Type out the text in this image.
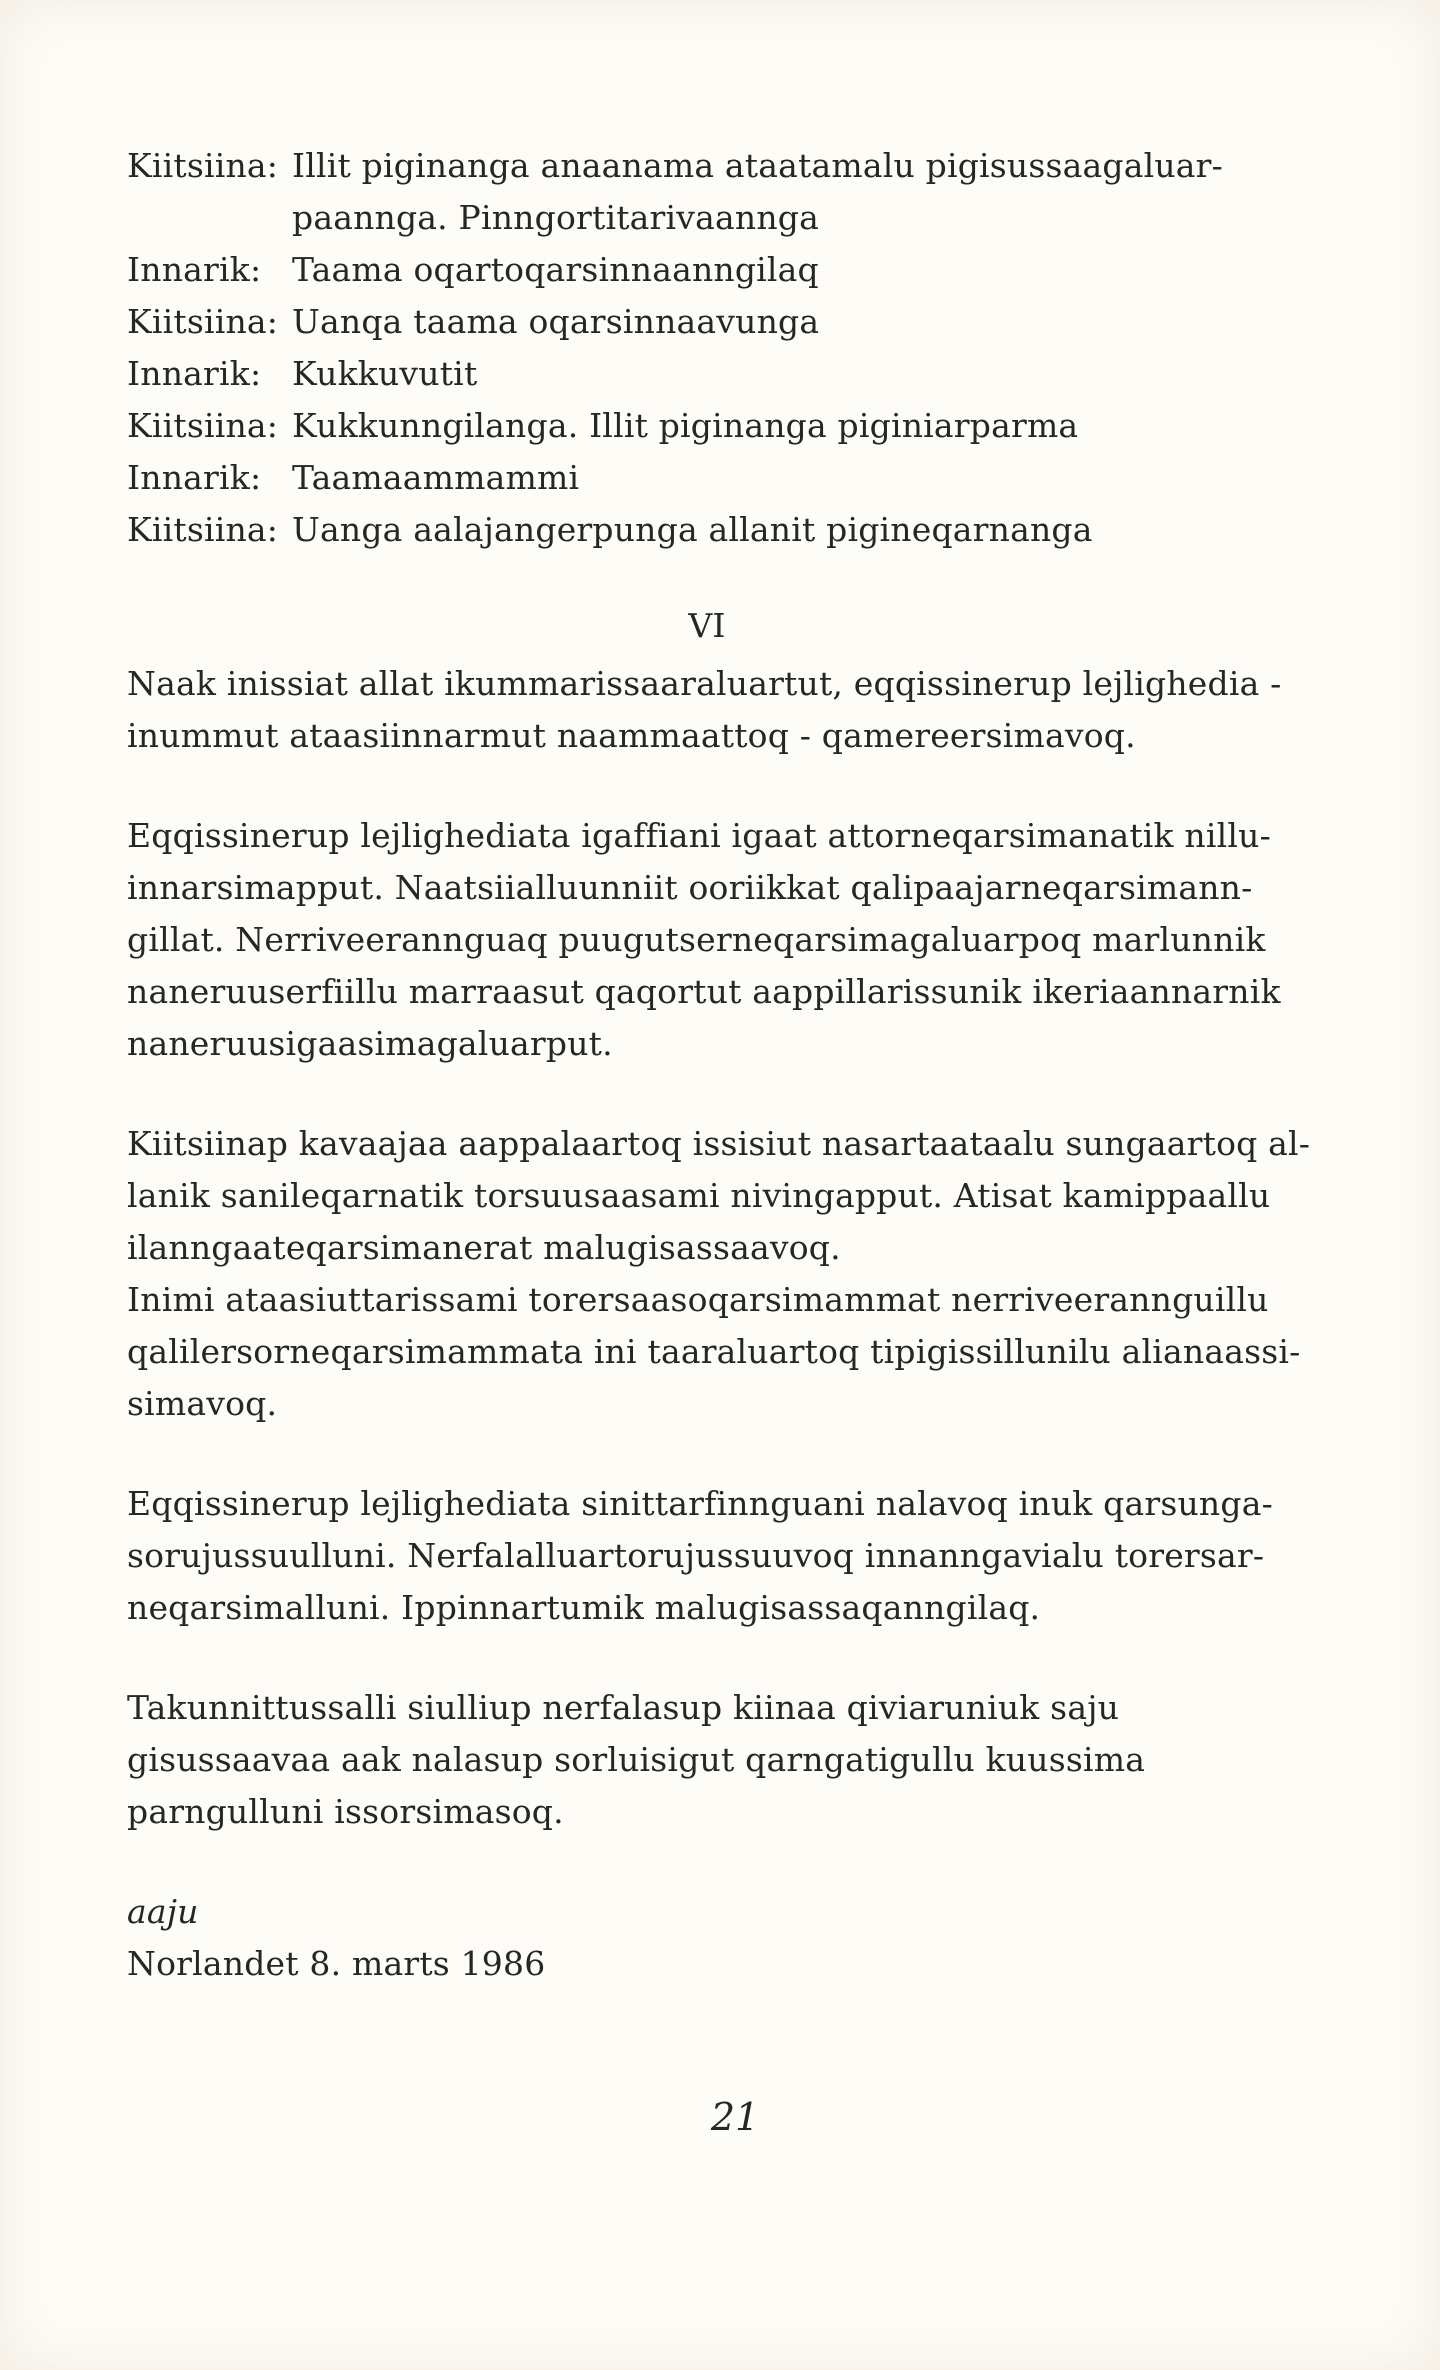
Kiitsiina: Illit piginanga anaanama ataatamalu pigisussaagaluar-
paannga. Pinngortitarivaannga
Innarik: Taama oqartoqarsinnaanngilaq
Kiitsiina: Uanqa taama oqarsinnaavunga
Innarik: Kukkuvutit
Kiitsiina: Kukkunngilanga. Illit piginanga piginiarparma
Innarik: Taamaammammi
Kiitsiina: Uanga aalajangerpunga allanit pigineqarnanga
VI
Naak inissiat allat ikummarissaaraluartut, eqqissinerup lejlighedia -
inummut ataasiinnarmut naammaattoq - qamereersimavoq.
Eqqissinerup lejlighediata igaffiani igaat attorneqarsimanatik nillu-
innarsimapput. Naatsiialluunniit ooriikkat qalipaajarneqarsimann-
gillat. Nerriveerannguaq puugutserneqarsimagaluarpoq marlunnik
naneruuserfiillu marraasut qaqortut aappillarissunik ikeriaannarnik
naneruusigaasimagaluarput.
Kiitsiinap kavaajaa aappalaartoq issisiut nasartaataalu sungaartoq al-
lanik sanileqarnatik torsuusaasami nivingapput. Atisat kamippaallu
ilanngaateqarsimanerat malugisassaavoq.
Inimi ataasiuttarissami torersaasoqarsimammat nerriveerannguillu
qalilersorneqarsimammata ini taaraluartoq tipigissillunilu alianaassi-
simavoq.
Eqqissinerup lejlighediata sinittarfinnguani nalavoq inuk qarsunga-
sorujussuulluni. Nerfalalluartorujussuuvoq innanngavialu torersar-
neqarsimalluni. Ippinnartumik malugisassaqanngilaq.
Takunnittussalli siulliup nerfalasup kiinaa qiviaruniuk saju
gisussaavaa aak nalasup sorluisigut qarngatigullu kuussima
parngulluni issorsimasoq.
aaju
Norlandet 8. marts 1986
21
